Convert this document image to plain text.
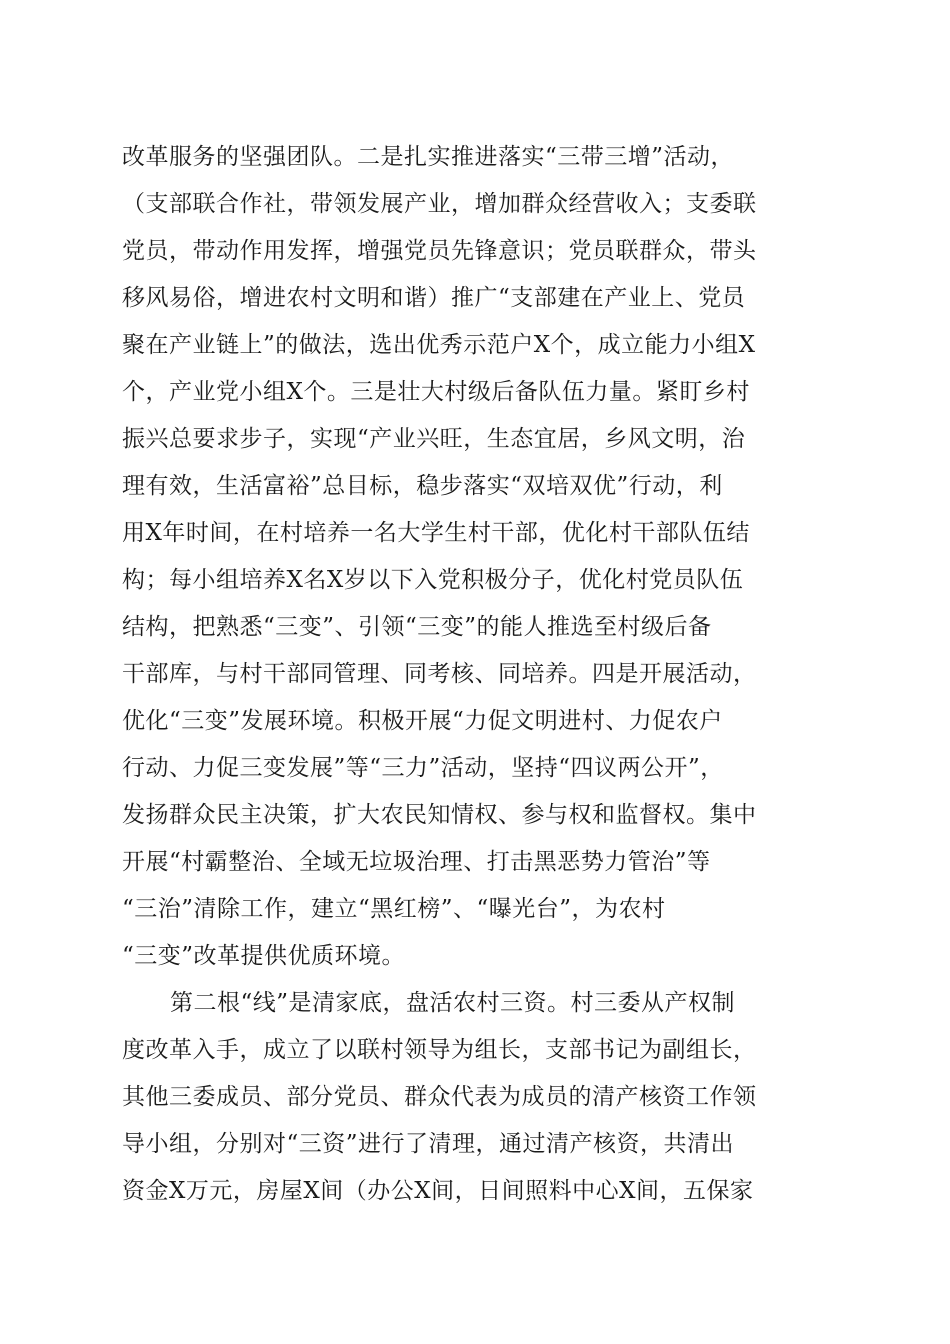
改革服务的坚强团队。二是扎实推进落实“三带三增”活动，
（支部联合作社，带领发展产业，增加群众经营收入；支委联
党员，带动作用发挥，增强党员先锋意识；党员联群众，带头
移风易俗，增进农村文明和谐）推广“支部建在产业上、党员
聚在产业链上”的做法，选出优秀示范户X个，成立能力小组X
个，产业党小组X个。三是壮大村级后备队伍力量。紧盯乡村
振兴总要求步子，实现“产业兴旺，生态宜居，乡风文明，治
理有效，生活富裕”总目标，稳步落实“双培双优”行动，利
用X年时间，在村培养一名大学生村干部，优化村干部队伍结
构；每小组培养X名X岁以下入党积极分子，优化村党员队伍
结构，把熟悉“三变”、引领“三变”的能人推选至村级后备
干部库，与村干部同管理、同考核、同培养。四是开展活动，
优化“三变”发展环境。积极开展“力促文明进村、力促农户
行动、力促三变发展”等“三力”活动，坚持“四议两公开”，
发扬群众民主决策，扩大农民知情权、参与权和监督权。集中
开展“村霸整治、全域无垃圾治理、打击黑恶势力管治”等
“三治”清除工作，建立“黑红榜”、“曝光台”，为农村
“三变”改革提供优质环境。
第二根“线”是清家底，盘活农村三资。村三委从产权制
度改革入手，成立了以联村领导为组长，支部书记为副组长，
其他三委成员、部分党员、群众代表为成员的清产核资工作领
导小组，分别对“三资”进行了清理，通过清产核资，共清出
资金X万元，房屋X间（办公X间，日间照料中心X间，五保家
